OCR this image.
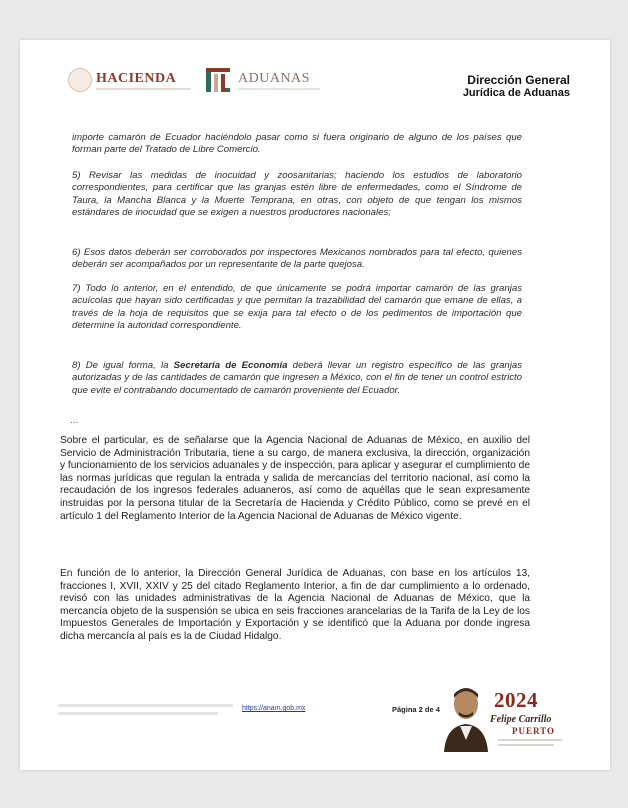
HACIENDA	ADUANAS	Dirección General
Jurídica de Aduanas

importe camarón de Ecuador haciéndolo pasar como si fuera originario de alguno de los países que forman parte del Tratado de Libre Comercio.

5) Revisar las medidas de inocuidad y zoosanitarias; haciendo los estudios de laboratorio correspondientes, para certificar que las granjas estén libre de enfermedades, como el Síndrome de Taura, la Mancha Blanca y la Muerte Temprana, en otras, con objeto de que tengan los mismos estándares de inocuidad que se exigen a nuestros productores nacionales;

6) Esos datos deberán ser corroborados por inspectores Mexicanos nombrados para tal efecto, quienes deberán ser acompañados por un representante de la parte quejosa.

7) Todo lo anterior, en el entendido, de que únicamente se podrá importar camarón de las granjas acuícolas que hayan sido certificadas y que permitan la trazabilidad del camarón que emane de ellas, a través de la hoja de requisitos que se exija para tal efecto o de los pedimentos de importación que determine la autoridad correspondiente.

8) De igual forma, la Secretaría de Economía deberá llevar un registro específico de las granjas autorizadas y de las cantidades de camarón que ingresen a México, con el fin de tener un control estricto que evite el contrabando documentado de camarón proveniente del Ecuador.

...

Sobre el particular, es de señalarse que la Agencia Nacional de Aduanas de México, en auxilio del Servicio de Administración Tributaria, tiene a su cargo, de manera exclusiva, la dirección, organización y funcionamiento de los servicios aduanales y de inspección, para aplicar y asegurar el cumplimiento de las normas jurídicas que regulan la entrada y salida de mercancías del territorio nacional, así como la recaudación de los ingresos federales aduaneros, así como de aquéllas que le sean expresamente instruidas por la persona titular de la Secretaría de Hacienda y Crédito Público, como se prevé en el artículo 1 del Reglamento Interior de la Agencia Nacional de Aduanas de México vigente.

En función de lo anterior, la Dirección General Jurídica de Aduanas, con base en los artículos 13, fracciones I, XVII, XXIV y 25 del citado Reglamento Interior, a fin de dar cumplimiento a lo ordenado, revisó con las unidades administrativas de la Agencia Nacional de Aduanas de México, que la mercancía objeto de la suspensión se ubica en seis fracciones arancelarias de la Tarifa de la Ley de los Impuestos Generales de Importación y Exportación y se identificó que la Aduana por donde ingresa dicha mercancía al país es la de Ciudad Hidalgo.

https://anam.gob.mx	Página 2 de 4	2024
Felipe Carrillo
PUERTO
